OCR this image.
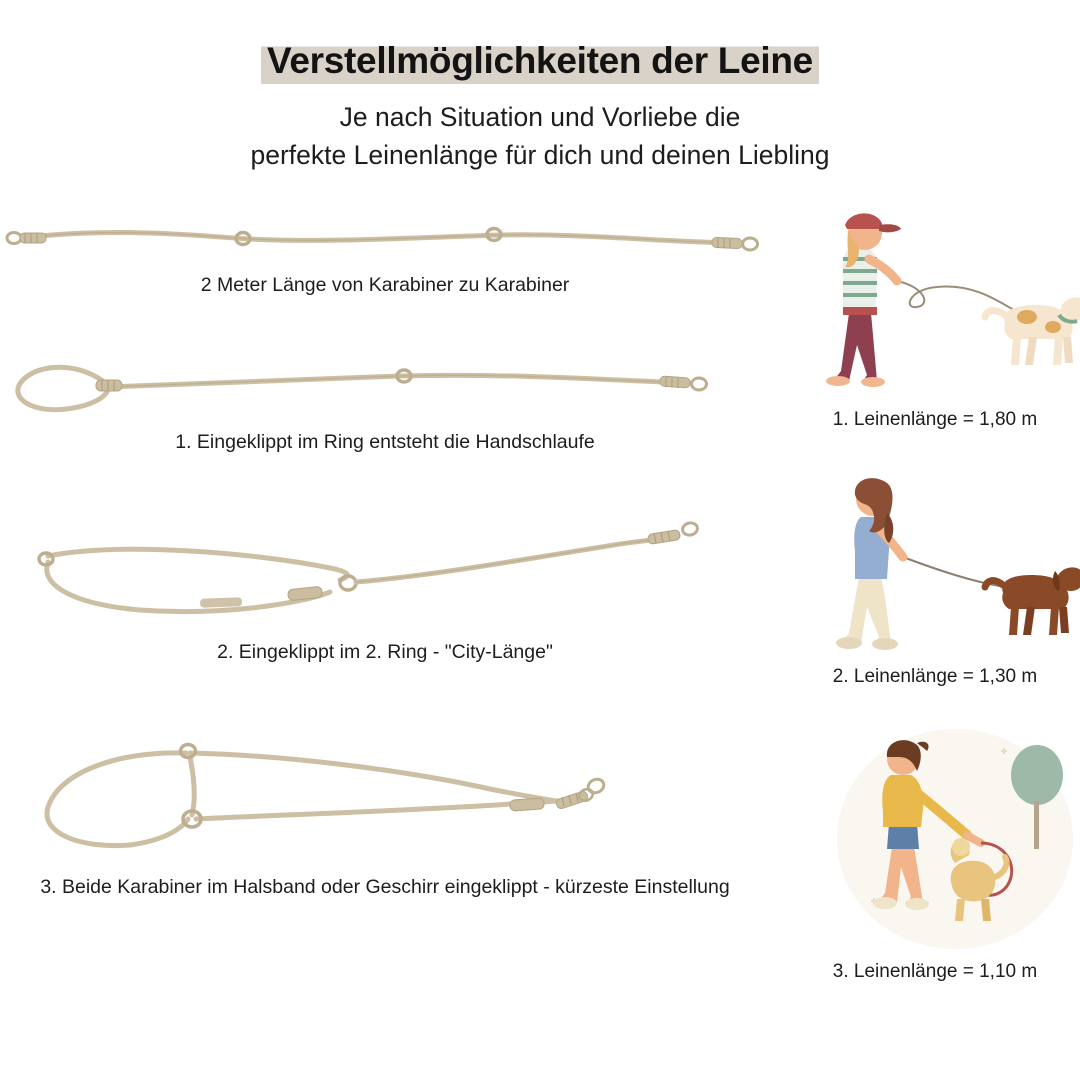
Verstellmöglichkeiten der Leine
Je nach Situation und Vorliebe die
perfekte Leinenlänge für dich und deinen Liebling
2 Meter Länge von Karabiner zu Karabiner
1. Eingeklippt im Ring entsteht die Handschlaufe
2. Eingeklippt im 2. Ring - "City-Länge"
3. Beide Karabiner im Halsband oder Geschirr eingeklippt - kürzeste Einstellung
1. Leinenlänge = 1,80 m
2. Leinenlänge = 1,30 m
3. Leinenlänge = 1,10 m
